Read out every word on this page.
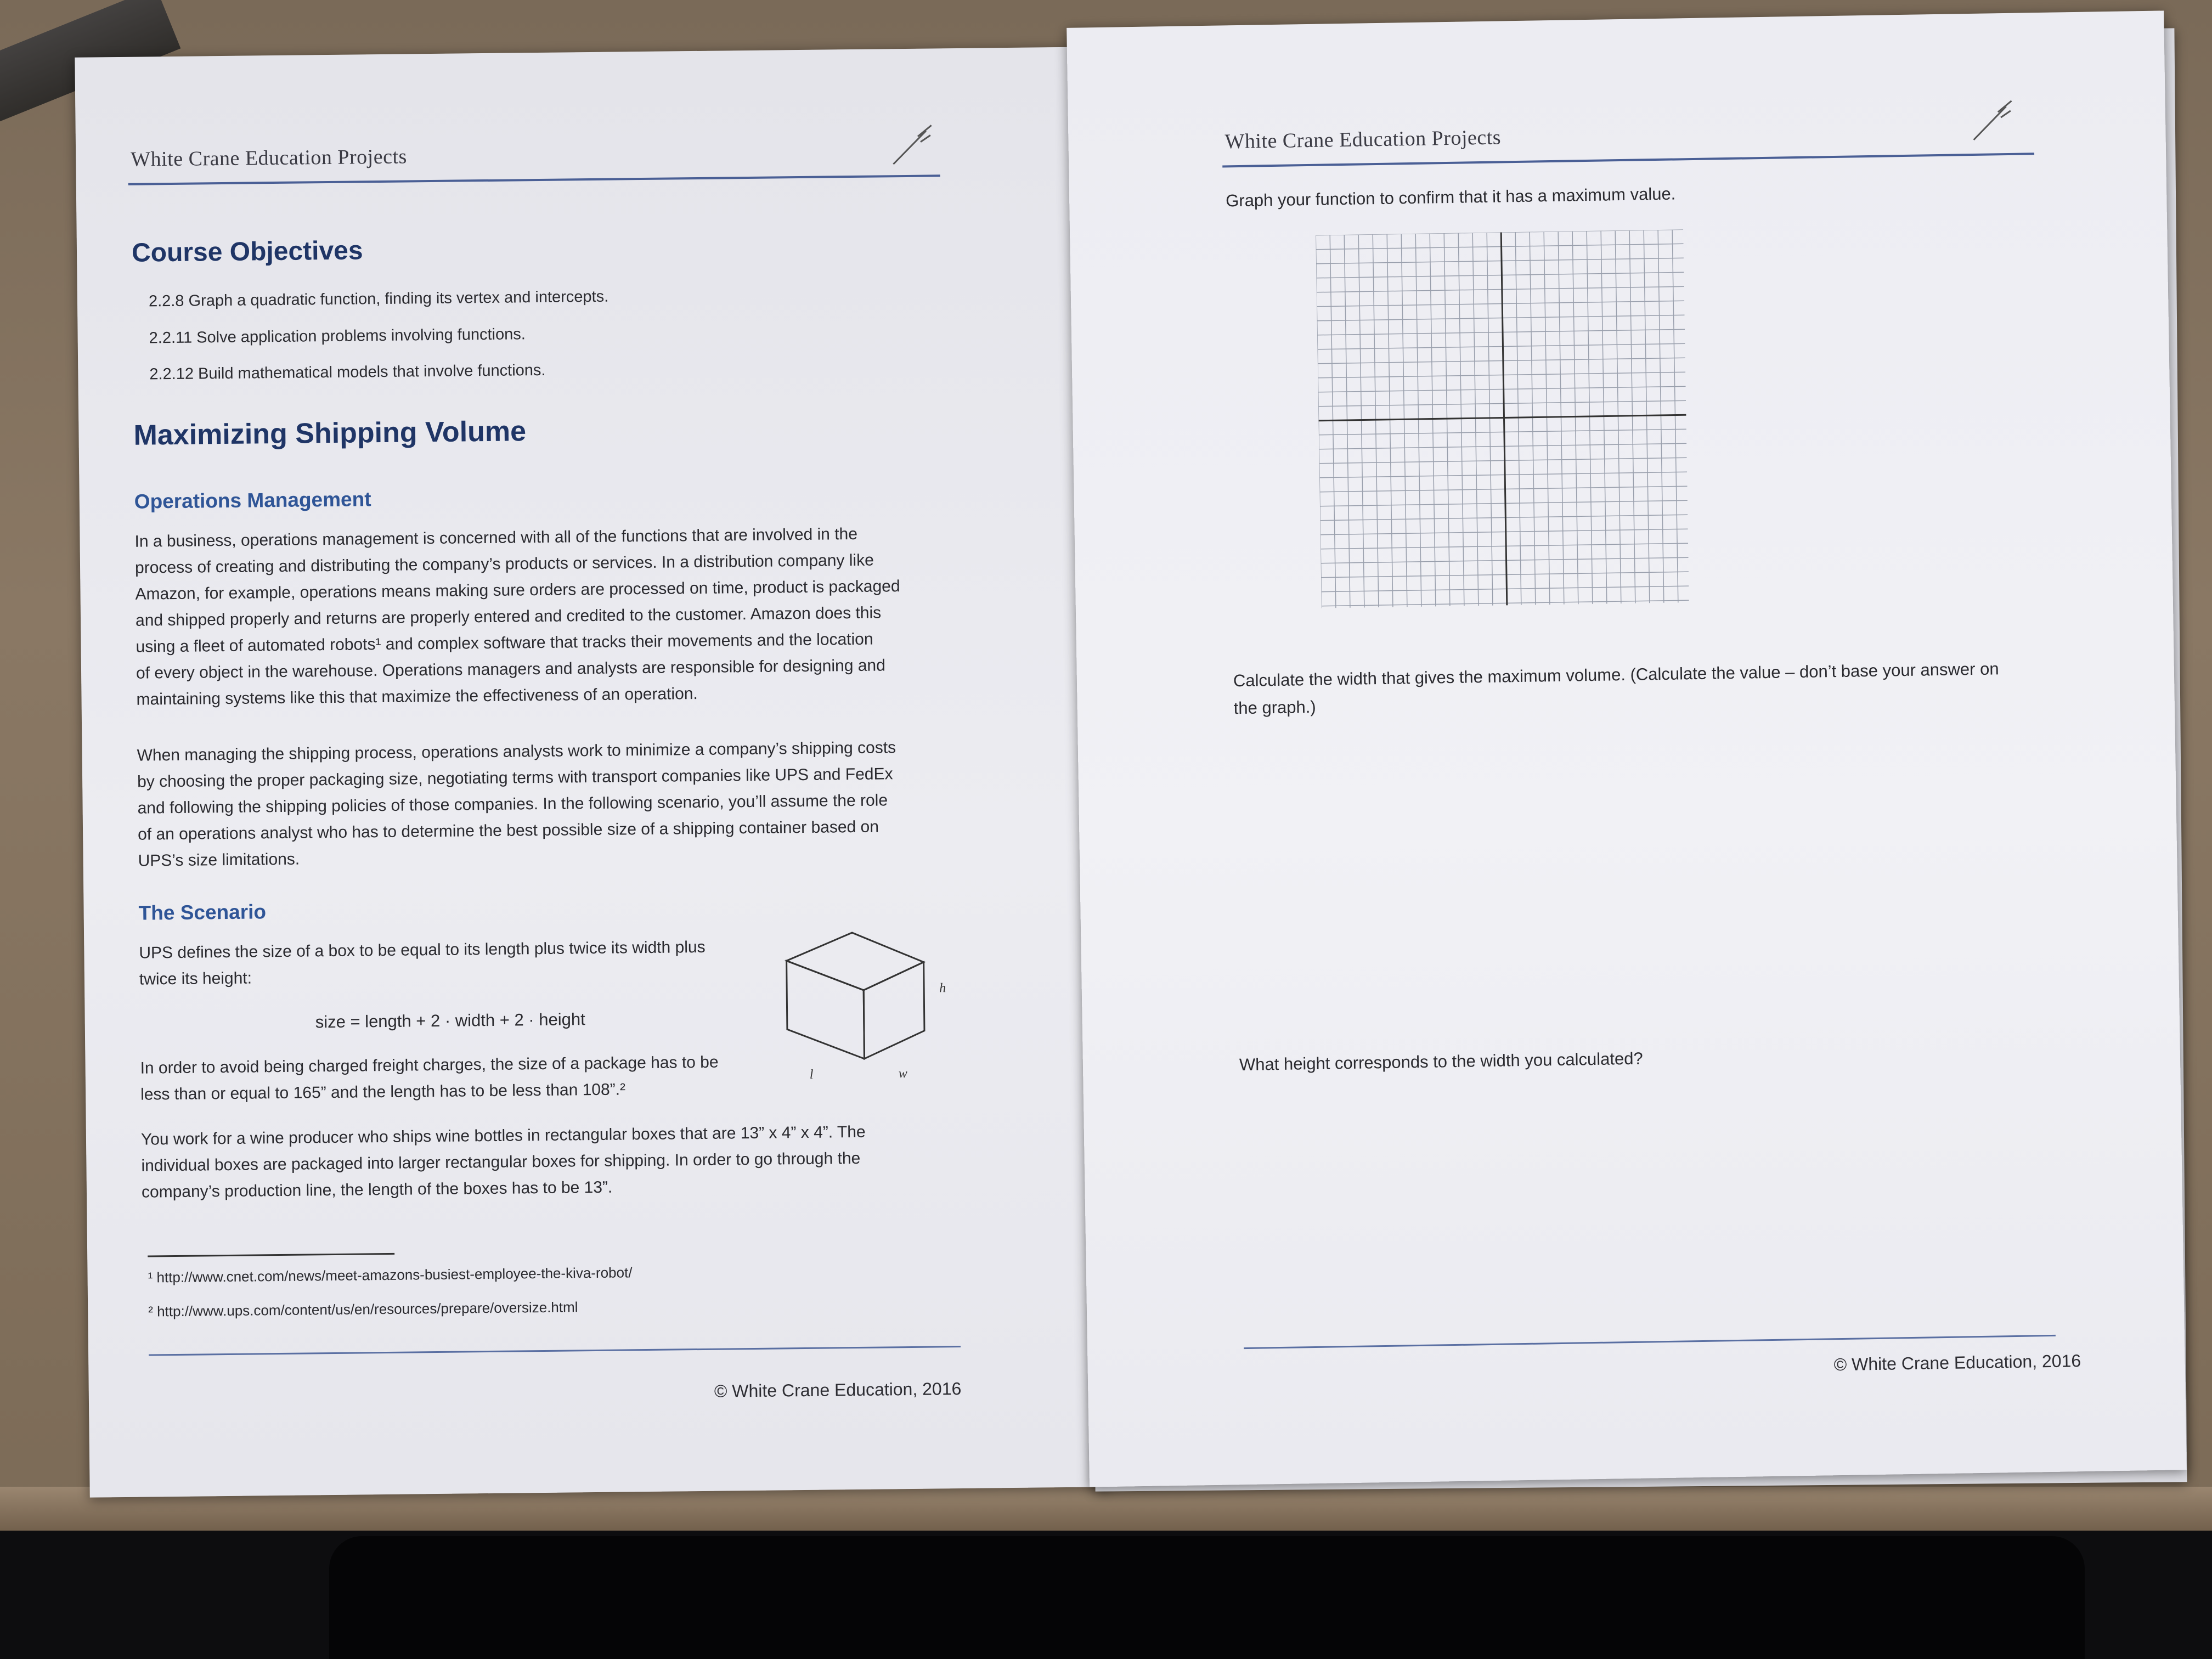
White Crane Education Projects
Course Objectives
2.2.8 Graph a quadratic function, finding its vertex and intercepts.
2.2.11 Solve application problems involving functions.
2.2.12 Build mathematical models that involve functions.
Maximizing Shipping Volume
Operations Management
In a business, operations management is concerned with all of the functions that are involved in the
process of creating and distributing the company’s products or services. In a distribution company like
Amazon, for example, operations means making sure orders are processed on time, product is packaged
and shipped properly and returns are properly entered and credited to the customer. Amazon does this
using a fleet of automated robots¹ and complex software that tracks their movements and the location
of every object in the warehouse. Operations managers and analysts are responsible for designing and
maintaining systems like this that maximize the effectiveness of an operation.
When managing the shipping process, operations analysts work to minimize a company’s shipping costs
by choosing the proper packaging size, negotiating terms with transport companies like UPS and FedEx
and following the shipping policies of those companies. In the following scenario, you’ll assume the role
of an operations analyst who has to determine the best possible size of a shipping container based on
UPS’s size limitations.
The Scenario
UPS defines the size of a box to be equal to its length plus twice its width plus
twice its height:
size = length + 2 · width + 2 · height
In order to avoid being charged freight charges, the size of a package has to be
less than or equal to 165” and the length has to be less than 108”.²
h
l	w
You work for a wine producer who ships wine bottles in rectangular boxes that are 13” x 4” x 4”. The
individual boxes are packaged into larger rectangular boxes for shipping. In order to go through the
company’s production line, the length of the boxes has to be 13”.
¹ http://www.cnet.com/news/meet-amazons-busiest-employee-the-kiva-robot/
² http://www.ups.com/content/us/en/resources/prepare/oversize.html
© White Crane Education, 2016
White Crane Education Projects
Graph your function to confirm that it has a maximum value.
Calculate the width that gives the maximum volume. (Calculate the value – don’t base your answer on
the graph.)
What height corresponds to the width you calculated?
© White Crane Education, 2016
